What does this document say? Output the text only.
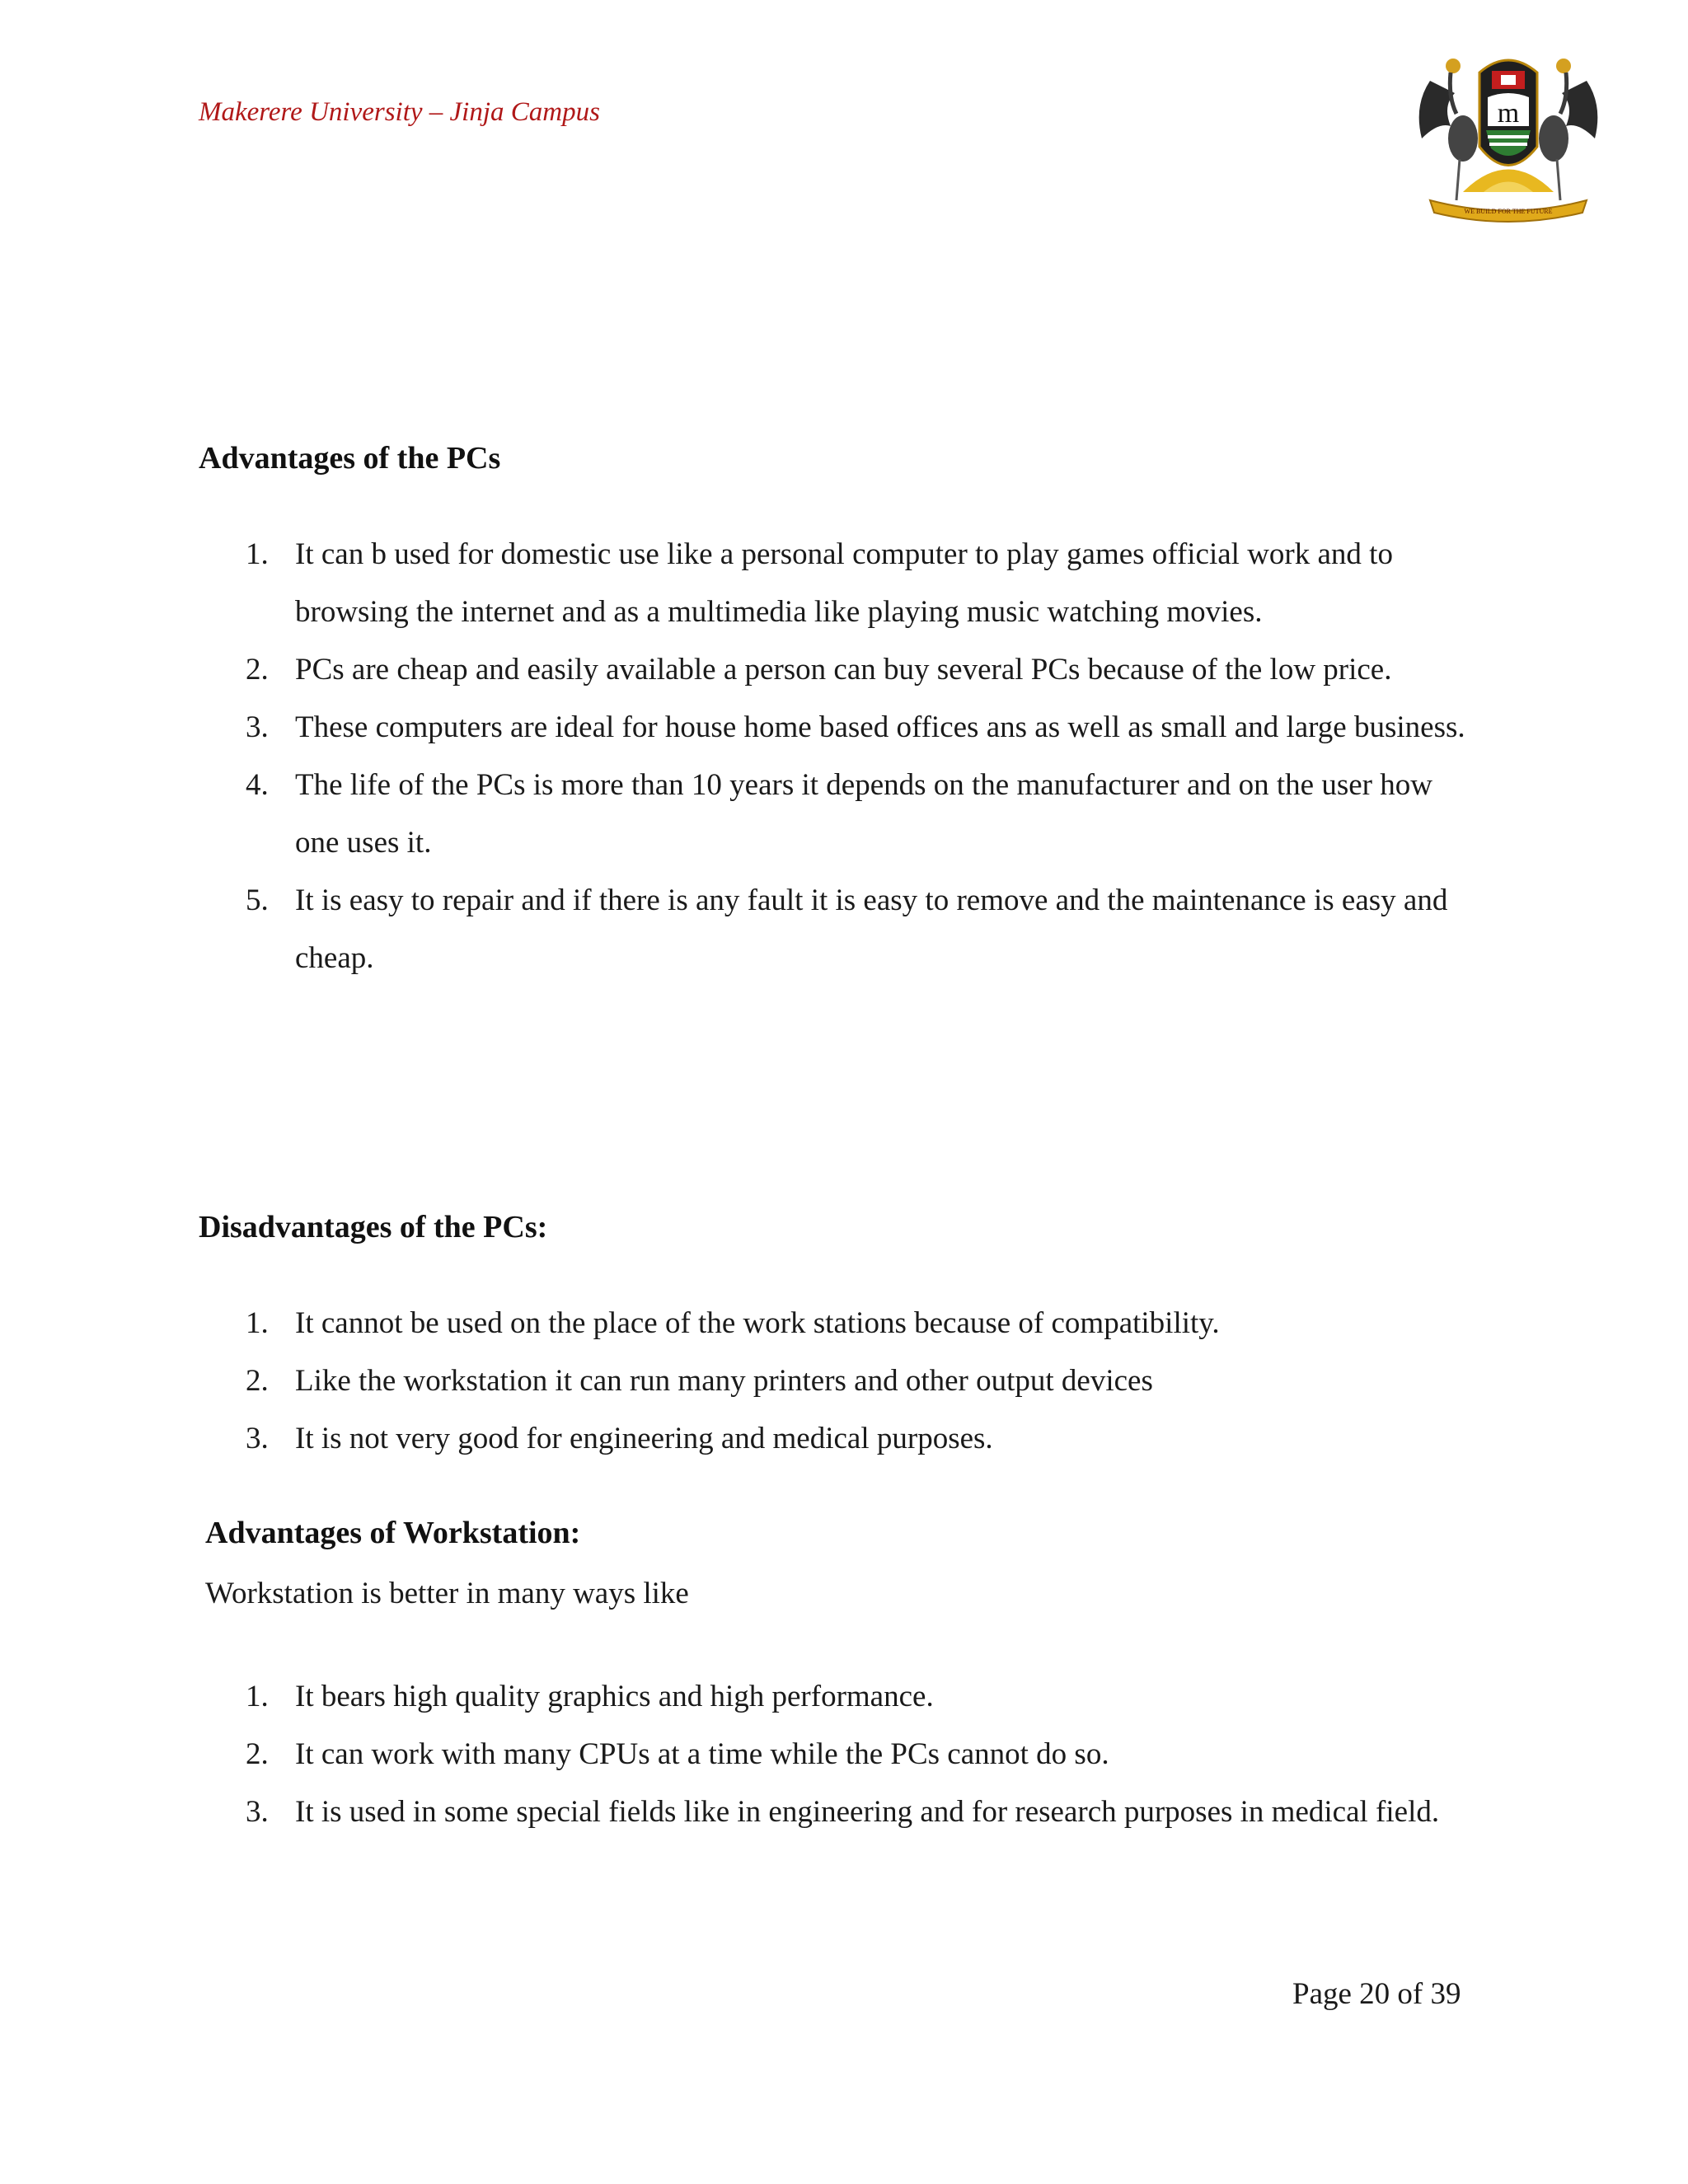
Makerere University – Jinja Campus	m
WE BUILD FOR THE FUTURE
Advantages of the PCs
1. It can b used for domestic use like a personal computer to play games official work and to browsing the internet and as a multimedia like playing music watching movies.
2. PCs are cheap and easily available a person can buy several PCs because of the low price.
3. These computers are ideal for house home based offices ans as well as small and large business.
4. The life of the PCs is more than 10 years it depends on the manufacturer and on the user how one uses it.
5. It is easy to repair and if there is any fault it is easy to remove and the maintenance is easy and cheap.
Disadvantages of the PCs:
1. It cannot be used on the place of the work stations because of compatibility.
2. Like the workstation it can run many printers and other output devices
3. It is not very good for engineering and medical purposes.
Advantages of Workstation:
Workstation is better in many ways like
1. It bears high quality graphics and high performance.
2. It can work with many CPUs at a time while the PCs cannot do so.
3. It is used in some special fields like in engineering and for research purposes in medical field.
Page 20 of 39
